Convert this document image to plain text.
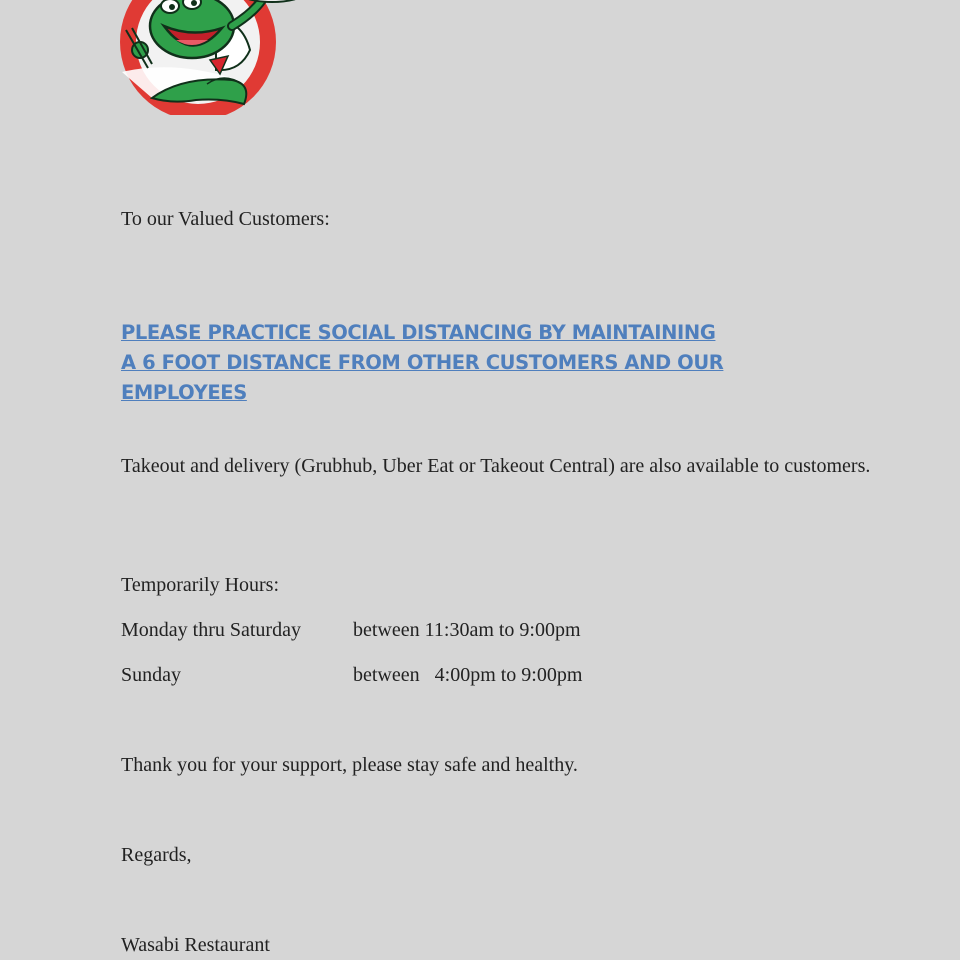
To our Valued Customers:

PLEASE PRACTICE SOCIAL DISTANCING BY MAINTAINING
A 6 FOOT DISTANCE FROM OTHER CUSTOMERS AND OUR
EMPLOYEES

Takeout and delivery (Grubhub, Uber Eat or Takeout Central) are also available to customers.

Temporarily Hours:

Monday thru Saturday	between 11:30am to 9:00pm
Sunday	between   4:00pm to 9:00pm

Thank you for your support, please stay safe and healthy.

Regards,

Wasabi Restaurant
